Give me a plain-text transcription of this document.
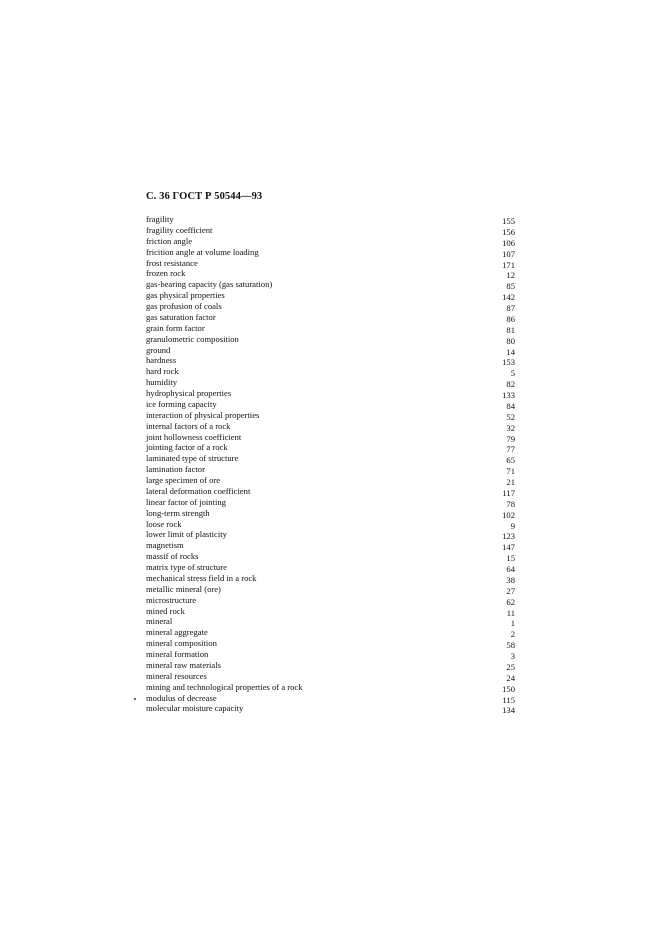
С. 36 ГОСТ Р 50544—93
fragility	155
fragility coefficient	156
friction angle	106
fricition angle at volume loading	107
frost resistance	171
frozen rock	12
gas-bearing capacity (gas saturation)	85
gas physical properties	142
gas profusion of coals	87
gas saturation factor	86
grain form factor	81
granulometric composition	80
ground	14
hardness	153
hard rock	5
humidity	82
hydrophysical properties	133
ice forming capacity	84
interaction of physical properties	52
internal factors of a rock	32
joint hollowness coefficient	79
jointing factor of a rock	77
laminated type of structure	65
lamination factor	71
large specimen of ore	21
lateral deformation coefficient	117
linear factor of jointing	78
long-term strength	102
loose rock	9
lower limit of plasticity	123
magnetism	147
massif of rocks	15
matrix type of structure	64
mechanical stress field in a rock	38
metallic mineral (ore)	27
microstructure	62
mined rock	11
mineral	1
mineral aggregate	2
mineral composition	58
mineral formation	3
mineral raw materials	25
mineral resources	24
mining and technological properties of a rock	150
modulus of decrease	115
molecular moisture capacity	134
